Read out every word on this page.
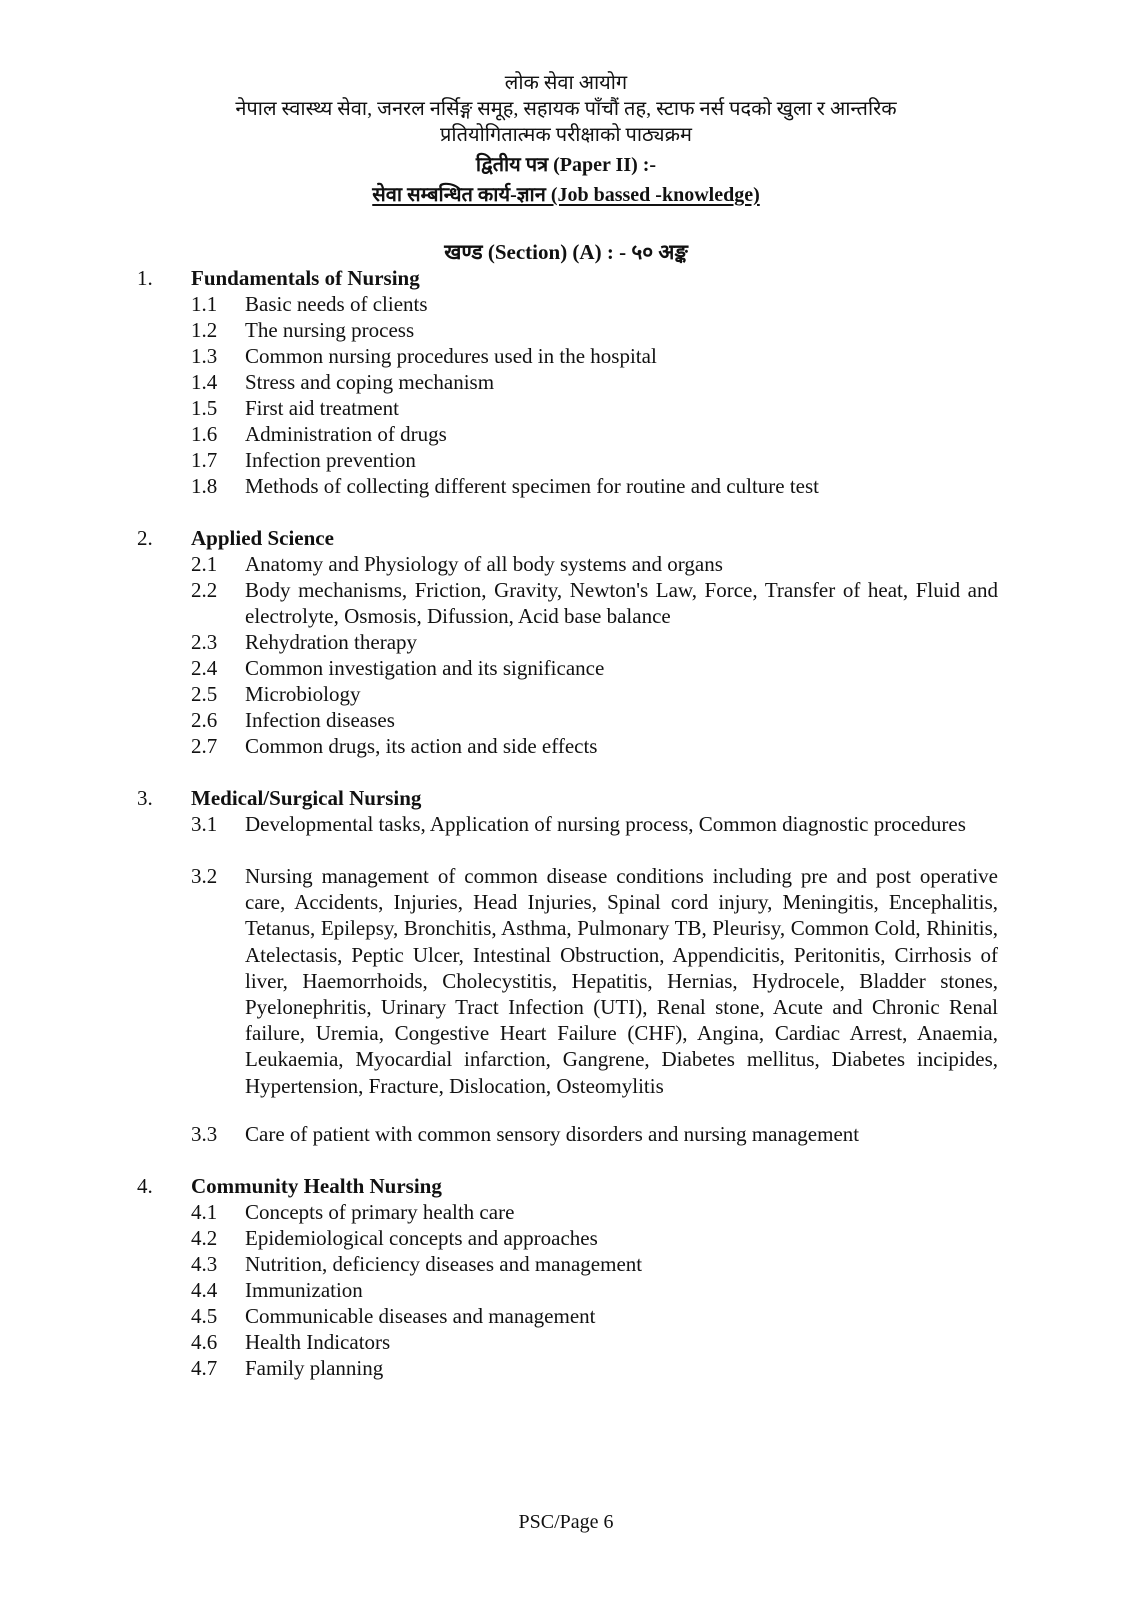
लोक सेवा आयोग
नेपाल स्वास्थ्य सेवा, जनरल नर्सिङ्ग समूह, सहायक पाँचौं तह, स्टाफ नर्स पदको खुला र आन्तरिक
प्रतियोगितात्मक परीक्षाको पाठ्यक्रम
द्वितीय पत्र (Paper II) :-
सेवा सम्बन्धित कार्य-ज्ञान (Job bassed -knowledge)
खण्ड (Section) (A) : - ५० अङ्क
1. Fundamentals of Nursing
1.1 Basic needs of clients
1.2 The nursing process
1.3 Common nursing procedures used in the hospital
1.4 Stress and coping mechanism
1.5 First aid treatment
1.6 Administration of drugs
1.7 Infection prevention
1.8 Methods of collecting different specimen for routine and culture test
2. Applied Science
2.1 Anatomy and Physiology of all body systems and organs
2.2 Body mechanisms, Friction, Gravity, Newton's Law, Force, Transfer of heat, Fluid and electrolyte, Osmosis, Difussion, Acid base balance
2.3 Rehydration therapy
2.4 Common investigation and its significance
2.5 Microbiology
2.6 Infection diseases
2.7 Common drugs, its action and side effects
3. Medical/Surgical Nursing
3.1 Developmental tasks, Application of nursing process, Common diagnostic procedures
3.2 Nursing management of common disease conditions including pre and post operative care, Accidents, Injuries, Head Injuries, Spinal cord injury, Meningitis, Encephalitis, Tetanus, Epilepsy, Bronchitis, Asthma, Pulmonary TB, Pleurisy, Common Cold, Rhinitis, Atelectasis, Peptic Ulcer, Intestinal Obstruction, Appendicitis, Peritonitis, Cirrhosis of liver, Haemorrhoids, Cholecystitis, Hepatitis, Hernias, Hydrocele, Bladder stones, Pyelonephritis, Urinary Tract Infection (UTI), Renal stone, Acute and Chronic Renal failure, Uremia, Congestive Heart Failure (CHF), Angina, Cardiac Arrest, Anaemia, Leukaemia, Myocardial infarction, Gangrene, Diabetes mellitus, Diabetes incipides, Hypertension, Fracture, Dislocation, Osteomylitis
3.3 Care of patient with common sensory disorders and nursing management
4. Community Health Nursing
4.1 Concepts of primary health care
4.2 Epidemiological concepts and approaches
4.3 Nutrition, deficiency diseases and management
4.4 Immunization
4.5 Communicable diseases and management
4.6 Health Indicators
4.7 Family planning
PSC/Page 6
